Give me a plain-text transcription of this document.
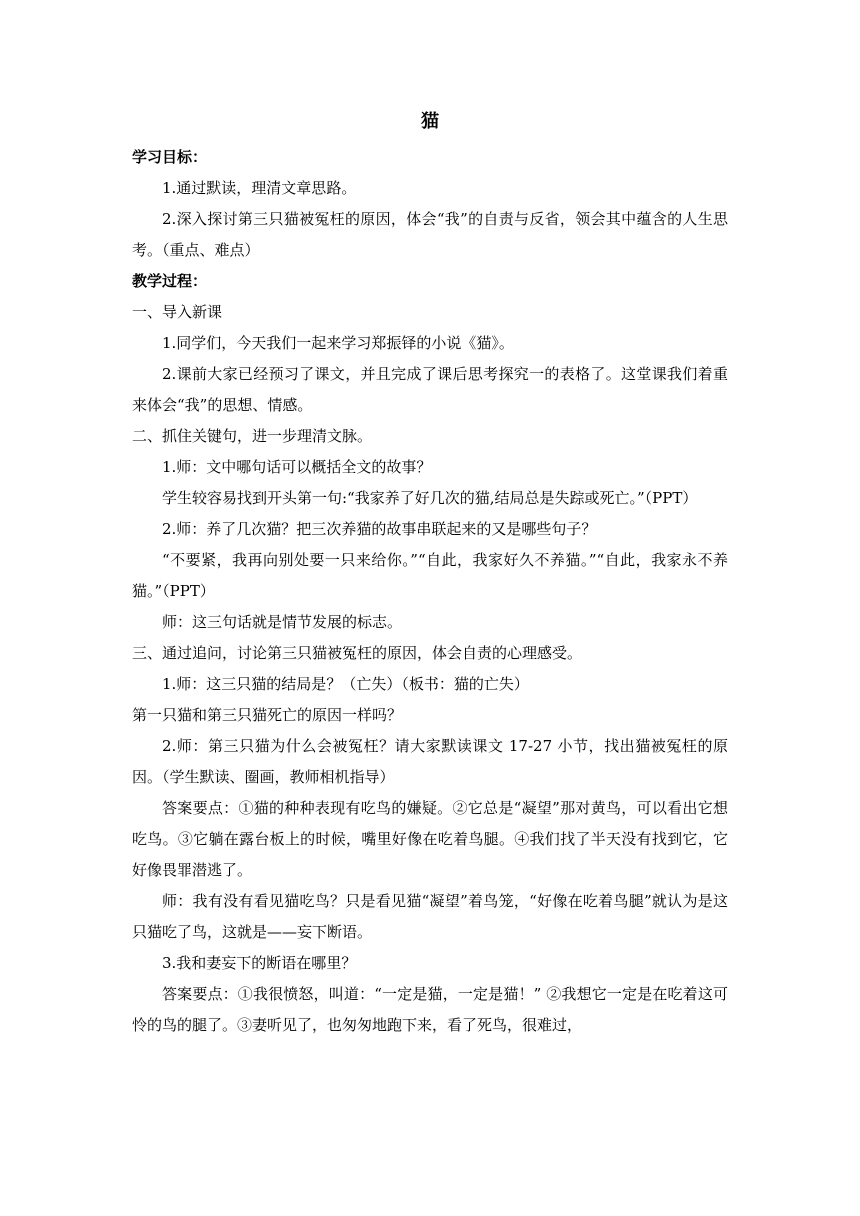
猫

学习目标：

1.通过默读，理清文章思路。

2.深入探讨第三只猫被冤枉的原因，体会“我”的自责与反省，领会其中蕴含的人生思考。（重点、难点）

教学过程：

一、导入新课

1.同学们，今天我们一起来学习郑振铎的小说《猫》。

2.课前大家已经预习了课文，并且完成了课后思考探究一的表格了。这堂课我们着重来体会“我”的思想、情感。

二、抓住关键句，进一步理清文脉。

1.师：文中哪句话可以概括全文的故事？

学生较容易找到开头第一句:“我家养了好几次的猫,结局总是失踪或死亡。”（PPT）

2.师：养了几次猫？把三次养猫的故事串联起来的又是哪些句子？

“不要紧，我再向别处要一只来给你。”“自此，我家好久不养猫。”“自此，我家永不养猫。”（PPT）

师：这三句话就是情节发展的标志。

三、通过追问，讨论第三只猫被冤枉的原因，体会自责的心理感受。

1.师：这三只猫的结局是？（亡失）（板书：猫的亡失）

第一只猫和第三只猫死亡的原因一样吗？

2.师：第三只猫为什么会被冤枉？请大家默读课文 17-27 小节，找出猫被冤枉的原因。（学生默读、圈画，教师相机指导）

答案要点：①猫的种种表现有吃鸟的嫌疑。②它总是“凝望”那对黄鸟，可以看出它想吃鸟。③它躺在露台板上的时候，嘴里好像在吃着鸟腿。④我们找了半天没有找到它，它好像畏罪潜逃了。

师：我有没有看见猫吃鸟？只是看见猫“凝望”着鸟笼，“好像在吃着鸟腿”就认为是这只猫吃了鸟，这就是——妄下断语。

3.我和妻妄下的断语在哪里？

答案要点：①我很愤怒，叫道：“一定是猫，一定是猫！” ②我想它一定是在吃着这可怜的鸟的腿了。③妻听见了，也匆匆地跑下来，看了死鸟，很难过，
